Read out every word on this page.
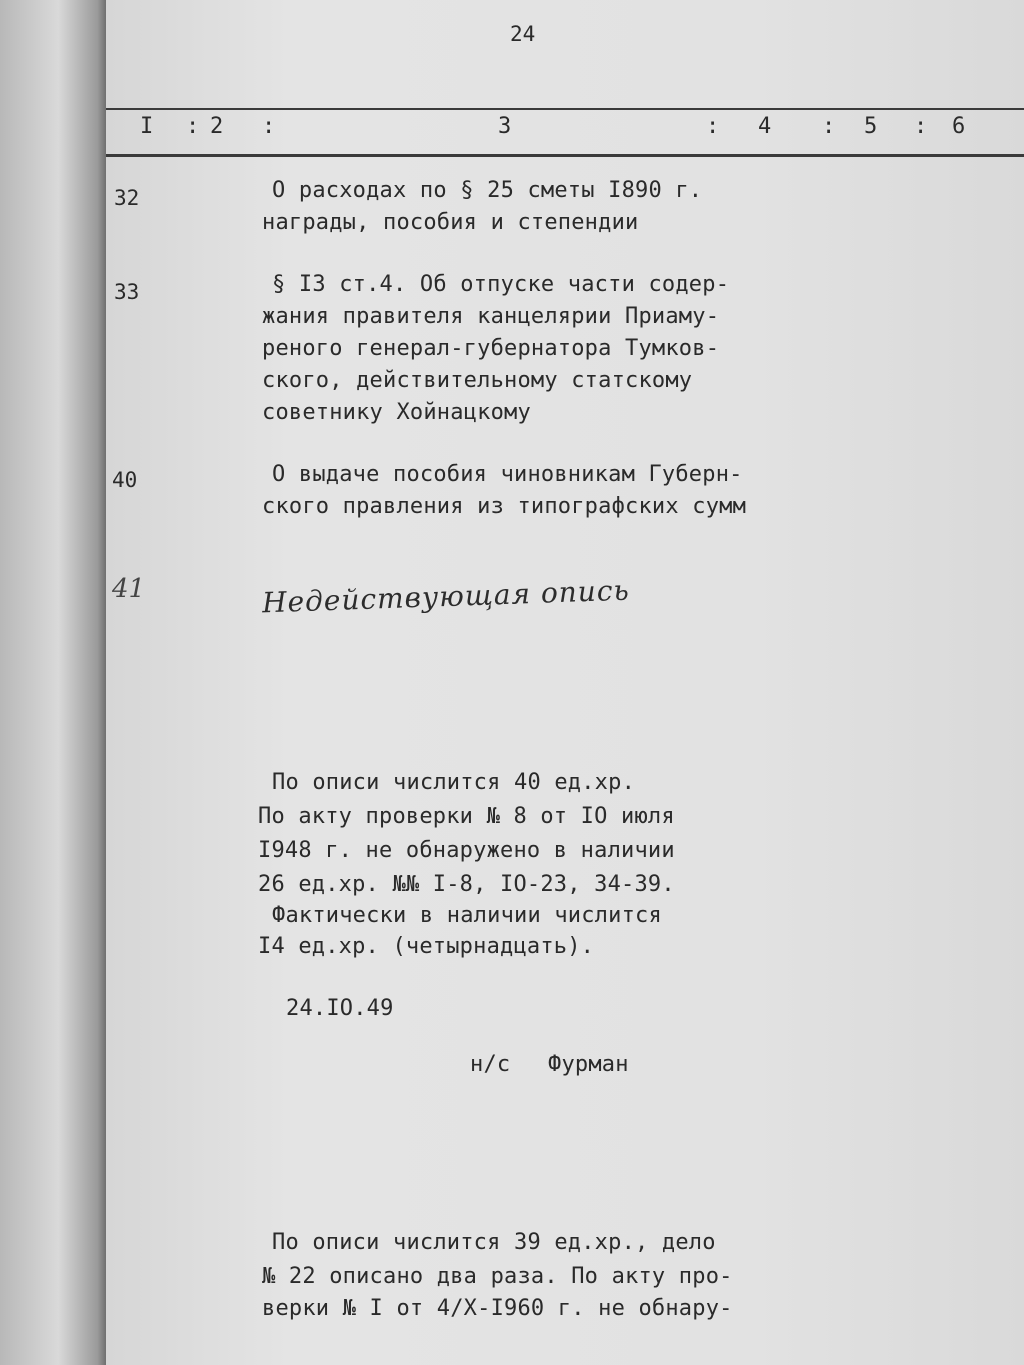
24
I : 2 :	3	: 4 : 5 : 6
32	О расходах по § 25 сметы I890 г.
награды, пособия и степендии
33	§ I3 ст.4. Об отпуске части содер-
жания правителя канцелярии Приаму-
реного генерал-губернатора Тумков-
ского, действительному статскому
советнику Хойнацкому
40	О выдаче пособия чиновникам Губерн-
ского правления из типографских сумм
41	Недействующая опись
По описи числится 40 ед.хр.
По акту проверки № 8 от IО июля
I948 г. не обнаружено в наличии
26 ед.хр. №№ I-8, IО-23, 34-39.
Фактически в наличии числится
I4 ед.хр. (четырнадцать).
24.IО.49
н/с Фурман
По описи числится 39 ед.хр., дело
№ 22 описано два раза. По акту про-
верки № I от 4/Х-I960 г. не обнару-
